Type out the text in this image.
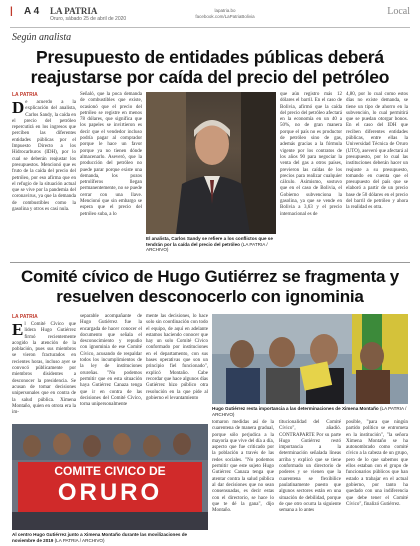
| A 4 LA PATRIA
Oruro, sábado 25 de abril de 2020
lapatria.bo
facebook.com/LaPatriaBolivia	Local
Según analista
Presupuesto de entidades públicas deberá reajustarse por caída del precio del petróleo
LA PATRIA
De acuerdo a la explicación del analista, Carlos Sandy, la caída en el precio del petróleo repercutirá en los ingresos que perciben las diferentes entidades públicas por el Impuesto Directo a los Hidrocarburos (IDH), por lo cual se deberán reajustar los presupuestos. Mencionó que es fruto de la caída del precio del petróleo, por eso afirma que en el refugio de la situación actual que se vive por la pandemia del coronavirus, ya que la demanda de combustibles como la gasolina y otros es casi nula.
Señaló, que la poca demanda de combustibles que existe, ocasionó que el precio del petróleo se registre en menos 78 dólares, que significa que los papeles se invirtieron es decir que el vendedor incluso podría pagar al comprador porque le hace un favor porque ya no tienen dónde almacenarlo. Aseveró, que la producción del petróleo no puede parar porque existe una demanda, los pozos petrolíferos llegan permanentemente, no se puede cerrar con una llave. Mencionó que sin embargo se espera que el precio del petróleo suba, a lo
El analista, Carlos Sandy se refiere a los conflictos que se tendrán por la caída del precio del petróleo (LA PATRIA / ARCHIVO)
que aún registro más 12 dólares el barril. En el caso de Bolivia, afirmó que la caída del precio del petróleo afectará en la economía en un 40 a 50%, no de gran manera porque el país no es productor de petróleo sino de gas, además gracias a la fórmula vigente por los contratos de los años 90 para negociar la venta del gas a otros países, previeron las caídas de los precios para realizar cualquier cálculo. Asimismo, sostuvo que en el caso de Bolivia, el Gobierno subvenciona la gasolina, ya que se vende en Bolivia a 3,63 y el precio internacional es de
4,80, por lo cual como estos días no existe demanda, se tiene un tipo de ahorro en la subvención, lo cual permitirá que se puedan otorgar bonos. En el caso del IDH que reciben diferentes entidades públicas, entre ellas la Universidad Técnica de Oruro (UTO), aseveró que afectará al presupuesto, por lo cual las instituciones deberán hacer un reajuste a su presupuesto, tomando en cuenta que el presupuesto del país que se elaboró a partir de un precio base de 50 dólares en el precio del barril de petróleo y ahora la realidad es otra.
Comité cívico de Hugo Gutiérrez se fragmenta y resuelven desconocerlo con ignominia
LA PATRIA
El Comité Cívico que lidera Hugo Gutiérrez firmó recientemente acogido la atención de la población, pues sus miembros se vieron fracturados en recientes horas, incluso ayer se convocó públicamente por miembros disidentes a desconocer la presidencia. Se acusan de tomar decisiones unipersonales que en contra de la salud pública. Ximena Montaño, quien en otrora era la im-
separable acompañante de Hugo Gutiérrez fue la encargada de hacer conocer el documento que señala el desconocimiento y repudio con ignominia de ese Comité Cívico, acusando de respaldar todos los incumplimientos de la ley de instituciones orureñas. "No podemos permitir que en esta situación haya Gutiérrez Canaza tenga que ir en contra de las decisiones del Comité Cívico, torna unipersonalmente
mente las decisiones, lo hace solo sin coordinación con todo el equipo, de aquí en adelante estamos haciendo conocer que hay un solo Comité Cívico conformado por instituciones en el departamento, con sus bases operativas que son un principio fiel funcionado", explicó Montaño. Cabe recordar que hace algunos días Gutiérrez hizo público otra resolución en la que pide al gobierno el levantamiento
Hugo Gutiérrez resta importancia a las determinaciones de Ximena Montaño (LA PATRIA / ARCHIVO)
COMITE CIVICO DE
ORURO
Al centro Hugo Gutiérrez junto a Ximena Montaño durante las movilizaciones de noviembre de 2019 (LA PATRIA / ARCHIVO)
tomaron medidas así de la cuarentena de manera gradual, porque sólo perjudica a la mayoría que vive del día a día, aspecto que fue criticado por la población a través de las redes sociales. "No podemos permitir que este sujeto Hugo Gutiérrez Canaza tenga que atentar contra la salud pública al dar decisiones que no sean consensuadas, es decir estas con el directorio, se hace lo que te dé la gana", dijo Montaño.
titucionalidad del Comité Cívico", añadió. CONTRAPARTE Por su parte Hugo Gutiérrez restó importancia a la determinación señalada líneas arriba y explicó que se tiene conformado un directorio de poderes y se vienen que la cuarentena se flexibilice paulatinamente puesto que algunos sectores están en una situación de debilidad, porque de que otro ocurra la siguiente semana a lo antes
posible, "para que ningún partido político se entrometa en la institución", "la señora Ximena Montaño se ha autonombrado como comité cívico a la cabeza de un grupo, pero de lo que sabemos que ellos estaban con el grupo de funcionarios públicos que han estado a trabajar en el actual gobierno, por tanto ha quedado con una indiferencia que debe tener el Comité Cívico", finalizó Gutiérrez.
